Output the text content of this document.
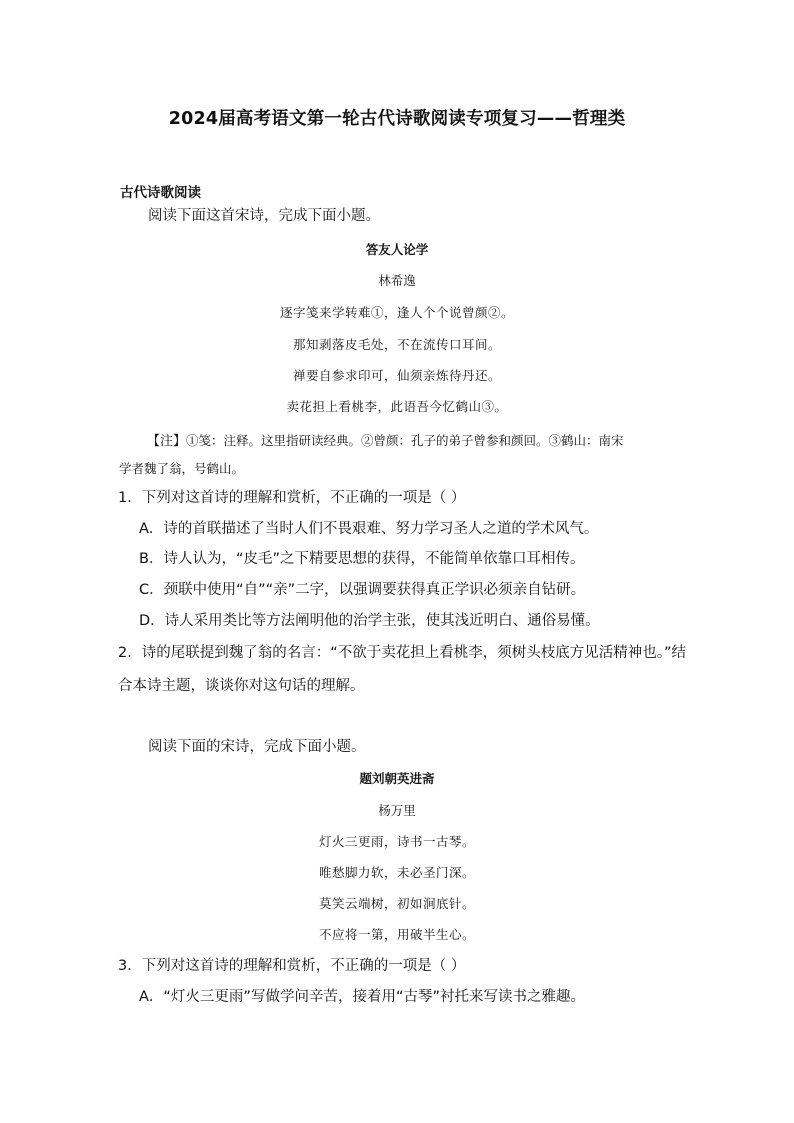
2024届高考语文第一轮古代诗歌阅读专项复习——哲理类
古代诗歌阅读
阅读下面这首宋诗，完成下面小题。
答友人论学
林希逸
逐字笺来学转难①，逢人个个说曾颜②。
那知剥落皮毛处，不在流传口耳间。
禅要自参求印可，仙须亲炼待丹还。
卖花担上看桃李，此语吾今忆鹤山③。
【注】①笺：注释。这里指研读经典。②曾颜：孔子的弟子曾参和颜回。③鹤山：南宋
学者魏了翁，号鹤山。
1．下列对这首诗的理解和赏析，不正确的一项是（ ）
A．诗的首联描述了当时人们不畏艰难、努力学习圣人之道的学术风气。
B．诗人认为，“皮毛”之下精要思想的获得，不能简单依靠口耳相传。
C．颈联中使用“自”“亲”二字，以强调要获得真正学识必须亲自钻研。
D．诗人采用类比等方法阐明他的治学主张，使其浅近明白、通俗易懂。
2．诗的尾联提到魏了翁的名言：“不欲于卖花担上看桃李，须树头枝底方见活精神也。”结
合本诗主题，谈谈你对这句话的理解。
阅读下面的宋诗，完成下面小题。
题刘朝英进斋
杨万里
灯火三更雨，诗书一古琴。
唯愁脚力软，未必圣门深。
莫笑云端树，初如涧底针。
不应将一第，用破半生心。
3．下列对这首诗的理解和赏析，不正确的一项是（ ）
A．“灯火三更雨”写做学问辛苦，接着用“古琴”衬托来写读书之雅趣。
